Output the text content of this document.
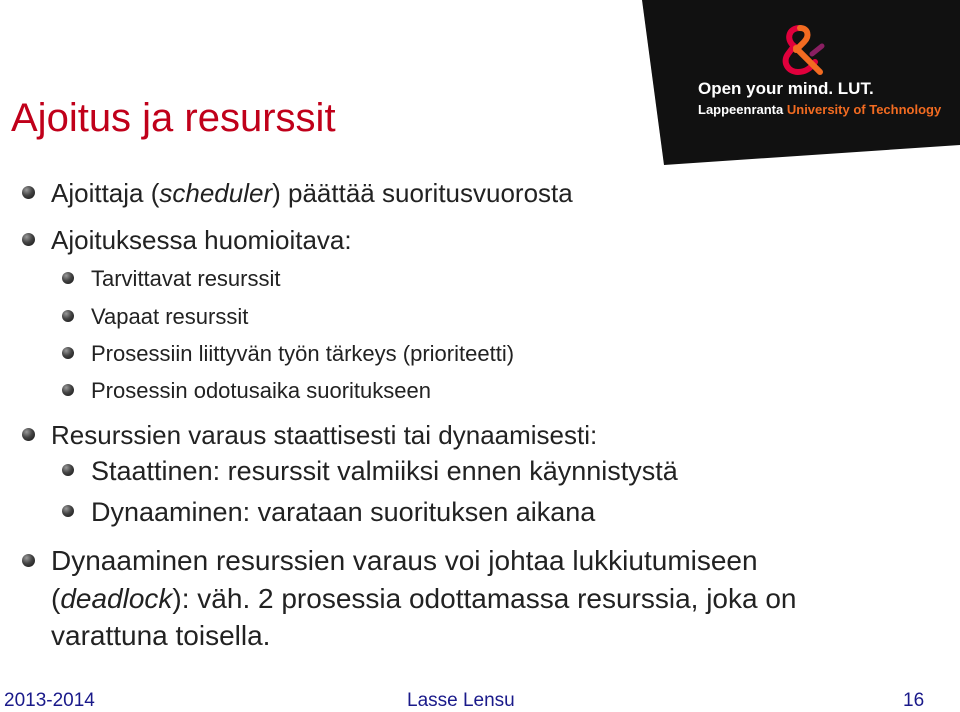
Open your mind. LUT.
Lappeenranta University of Technology
Ajoitus ja resurssit
Ajoittaja (scheduler) päättää suoritusvuorosta
Ajoituksessa huomioitava:
Tarvittavat resurssit
Vapaat resurssit
Prosessiin liittyvän työn tärkeys (prioriteetti)
Prosessin odotusaika suoritukseen
Resurssien varaus staattisesti tai dynaamisesti:
Staattinen: resurssit valmiiksi ennen käynnistystä
Dynaaminen: varataan suorituksen aikana
Dynaaminen resurssien varaus voi johtaa lukkiutumiseen
(deadlock): väh. 2 prosessia odottamassa resurssia, joka on
varattuna toisella.
2013-2014	Lasse Lensu	16
